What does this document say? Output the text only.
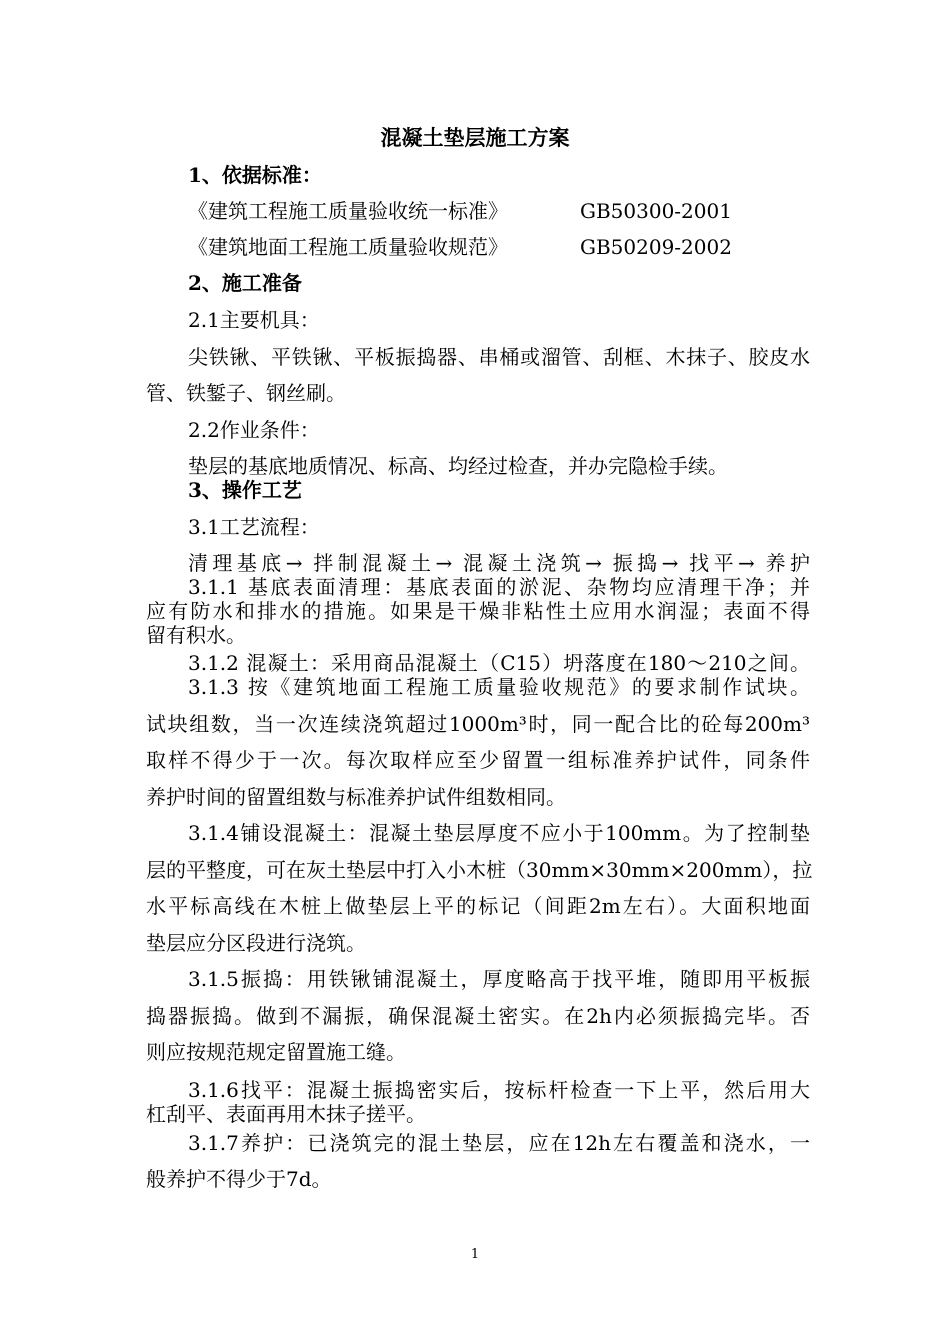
混凝土垫层施工方案
1、依据标准：
《建筑工程施工质量验收统一标准》	GB50300-2001
《建筑地面工程施工质量验收规范》	GB50209-2002
2、施工准备
2.1主要机具：
尖铁锹、平铁锹、平板振捣器、串桶或溜管、刮框、木抹子、胶皮水
管、铁錾子、钢丝刷。
2.2作业条件：
垫层的基底地质情况、标高、均经过检查，并办完隐检手续。
3、操作工艺
3.1工艺流程：
清理基底→ 拌制混凝土→ 混凝土浇筑→ 振捣→ 找平→ 养护
3.1.1 基底表面清理：基底表面的淤泥、杂物均应清理干净；并
应有防水和排水的措施。如果是干燥非粘性土应用水润湿；表面不得
留有积水。
3.1.2 混凝土：采用商品混凝土（C15）坍落度在180～210之间。
3.1.3 按《建筑地面工程施工质量验收规范》的要求制作试块。
试块组数，当一次连续浇筑超过1000m³时，同一配合比的砼每200m³
取样不得少于一次。每次取样应至少留置一组标准养护试件，同条件
养护时间的留置组数与标准养护试件组数相同。
3.1.4铺设混凝土：混凝土垫层厚度不应小于100mm。为了控制垫
层的平整度，可在灰土垫层中打入小木桩（30mm×30mm×200mm），拉
水平标高线在木桩上做垫层上平的标记（间距2m左右）。大面积地面
垫层应分区段进行浇筑。
3.1.5振捣：用铁锹铺混凝土，厚度略高于找平堆，随即用平板振
捣器振捣。做到不漏振，确保混凝土密实。在2h内必须振捣完毕。否
则应按规范规定留置施工缝。
3.1.6找平：混凝土振捣密实后，按标杆检查一下上平，然后用大
杠刮平、表面再用木抹子搓平。
3.1.7养护：已浇筑完的混土垫层，应在12h左右覆盖和浇水，一
般养护不得少于7d。
1
